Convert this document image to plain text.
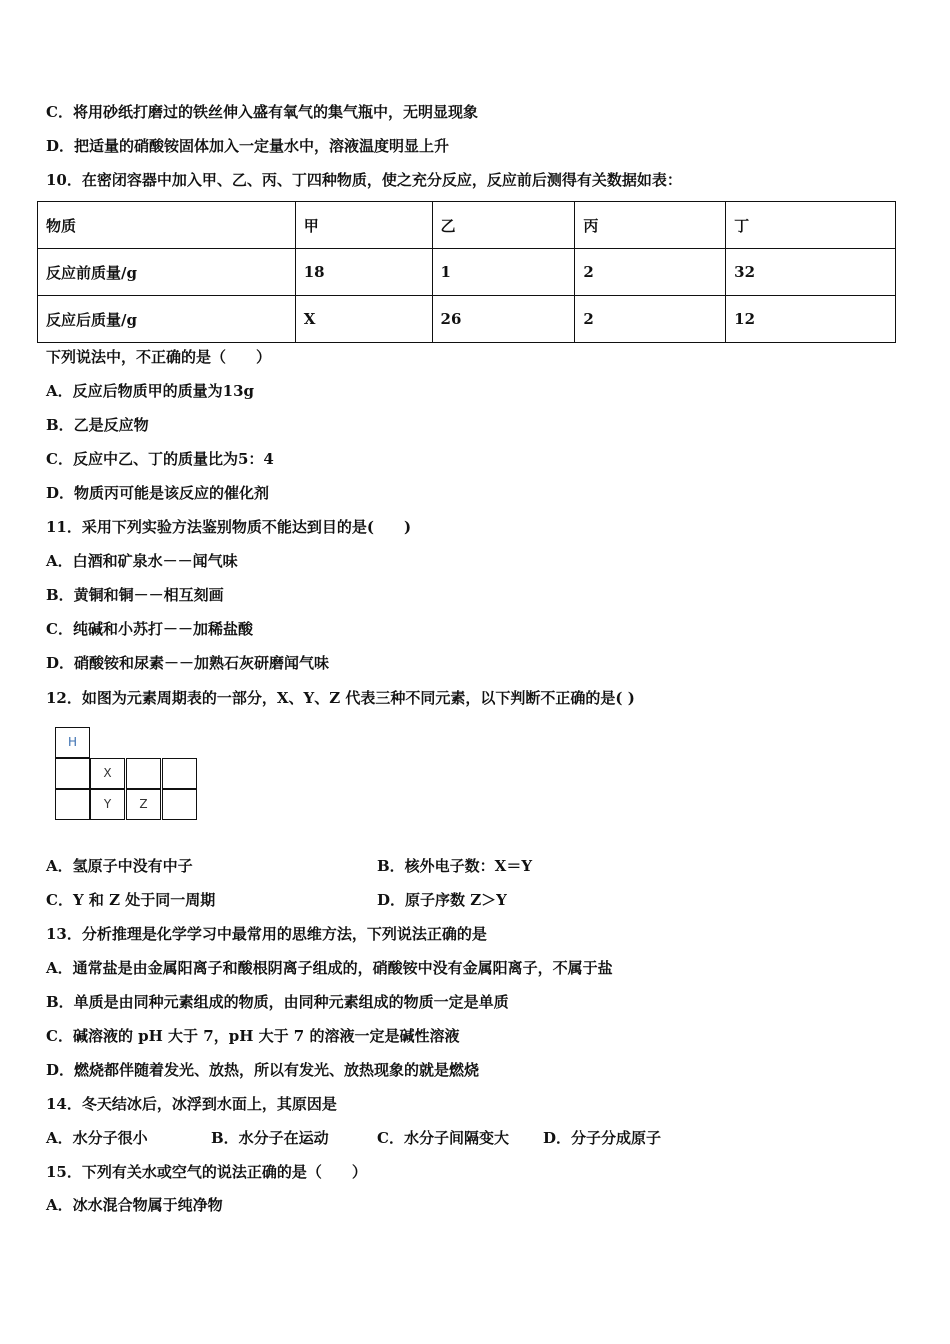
C．将用砂纸打磨过的铁丝伸入盛有氧气的集气瓶中，无明显现象
D．把适量的硝酸铵固体加入一定量水中，溶液温度明显上升
10．在密闭容器中加入甲、乙、丙、丁四种物质，使之充分反应，反应前后测得有关数据如表：
物质	甲	乙	丙	丁
反应前质量/g	18	1	2	32
反应后质量/g	X	26	2	12
下列说法中，不正确的是（　　）
A．反应后物质甲的质量为13g
B．乙是反应物
C．反应中乙、丁的质量比为5：4
D．物质丙可能是该反应的催化剂
11．采用下列实验方法鉴别物质不能达到目的是(　　)
A．白酒和矿泉水－－闻气味
B．黄铜和铜－－相互刻画
C．纯碱和小苏打－－加稀盐酸
D．硝酸铵和尿素－－加熟石灰研磨闻气味
12．如图为元素周期表的一部分，X、Y、Z 代表三种不同元素，以下判断不正确的是( )
H
X
Y	Z
A．氢原子中没有中子	B．核外电子数：X＝Y
C．Y 和 Z 处于同一周期	D．原子序数 Z＞Y
13．分析推理是化学学习中最常用的思维方法，下列说法正确的是
A．通常盐是由金属阳离子和酸根阴离子组成的，硝酸铵中没有金属阳离子，不属于盐
B．单质是由同种元素组成的物质，由同种元素组成的物质一定是单质
C．碱溶液的 pH 大于 7，pH 大于 7 的溶液一定是碱性溶液
D．燃烧都伴随着发光、放热，所以有发光、放热现象的就是燃烧
14．冬天结冰后，冰浮到水面上，其原因是
A．水分子很小	B．水分子在运动	C．水分子间隔变大 D．分子分成原子
15．下列有关水或空气的说法正确的是（　　）
A．冰水混合物属于纯净物
